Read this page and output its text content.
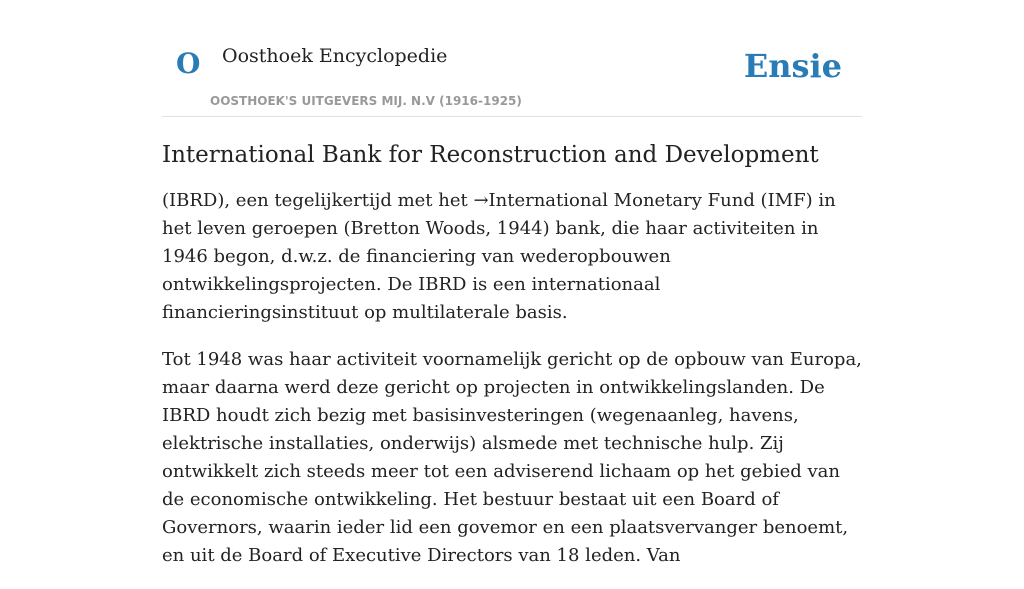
O Oosthoek Encyclopedie
OOSTHOEK'S UITGEVERS MIJ. N.V (1916-1925)
Ensie
International Bank for Reconstruction and Development

(IBRD), een tegelijkertijd met het →International Monetary Fund (IMF) in het leven geroepen (Bretton Woods, 1944) bank, die haar activiteiten in 1946 begon, d.w.z. de financiering van wederopbouwen ontwikkelingsprojecten. De IBRD is een internationaal financieringsinstituut op multilaterale basis.

Tot 1948 was haar activiteit voornamelijk gericht op de opbouw van Europa, maar daarna werd deze gericht op projecten in ontwikkelingslanden. De IBRD houdt zich bezig met basisinvesteringen (wegenaanleg, havens, elektrische installaties, onderwijs) alsmede met technische hulp. Zij ontwikkelt zich steeds meer tot een adviserend lichaam op het gebied van de economische ontwikkeling. Het bestuur bestaat uit een Board of Governors, waarin ieder lid een govemor en een plaatsvervanger benoemt, en uit de Board of Executive Directors van 18 leden. Van
